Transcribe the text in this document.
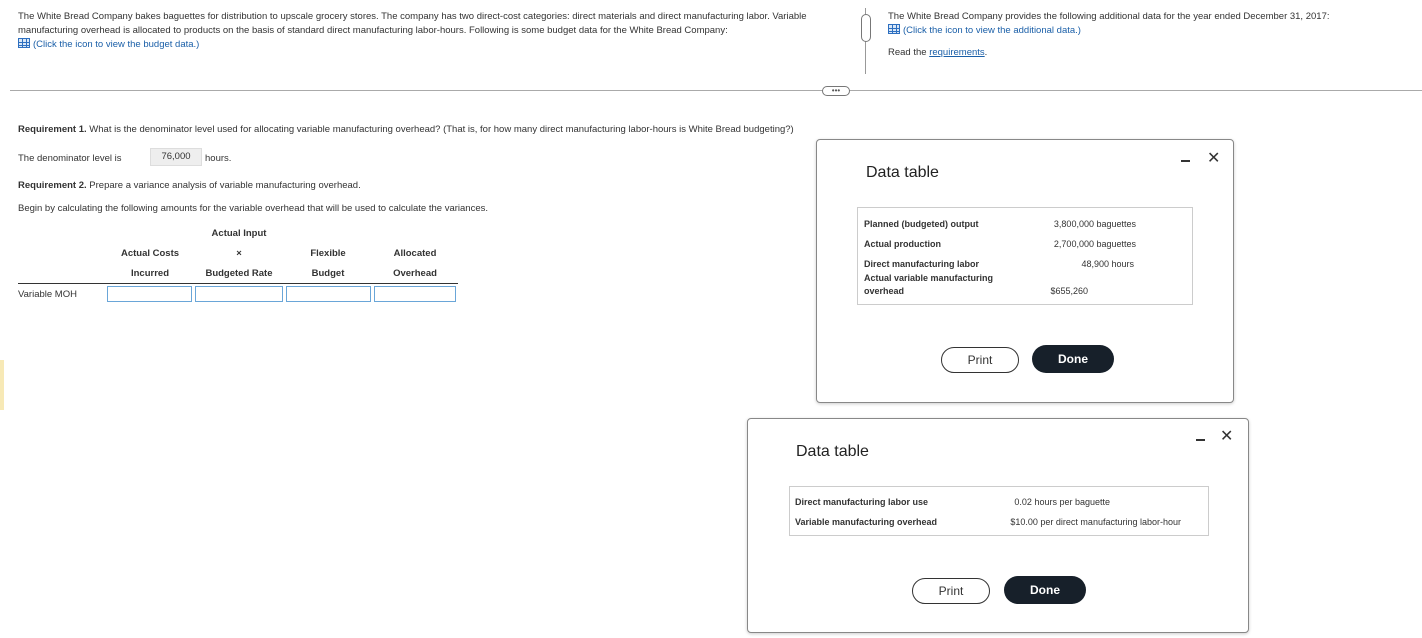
The White Bread Company bakes baguettes for distribution to upscale grocery stores. The company has two direct-cost categories: direct materials and direct manufacturing labor. Variable manufacturing overhead is allocated to products on the basis of standard direct manufacturing labor-hours. Following is some budget data for the White Bread Company:
(Click the icon to view the budget data.)
The White Bread Company provides the following additional data for the year ended December 31, 2017:
(Click the icon to view the additional data.)
Read the requirements.
•••
Requirement 1. What is the denominator level used for allocating variable manufacturing overhead? (That is, for how many direct manufacturing labor-hours is White Bread budgeting?)
The denominator level is	76,000	hours.
Requirement 2. Prepare a variance analysis of variable manufacturing overhead.
Begin by calculating the following amounts for the variable overhead that will be used to calculate the variances.
Actual Input
Actual Costs	×	Flexible	Allocated
Incurred	Budgeted Rate	Budget	Overhead
Variable MOH
Data table
✕
Planned (budgeted) output	3,800,000 baguettes
Actual production	2,700,000 baguettes
Direct manufacturing labor	48,900 hours
Actual variable manufacturing
overhead	$655,260
Print	Done
Data table
✕
Direct manufacturing labor use	0.02 hours per baguette
Variable manufacturing overhead	$10.00 per direct manufacturing labor-hour
Print	Done
